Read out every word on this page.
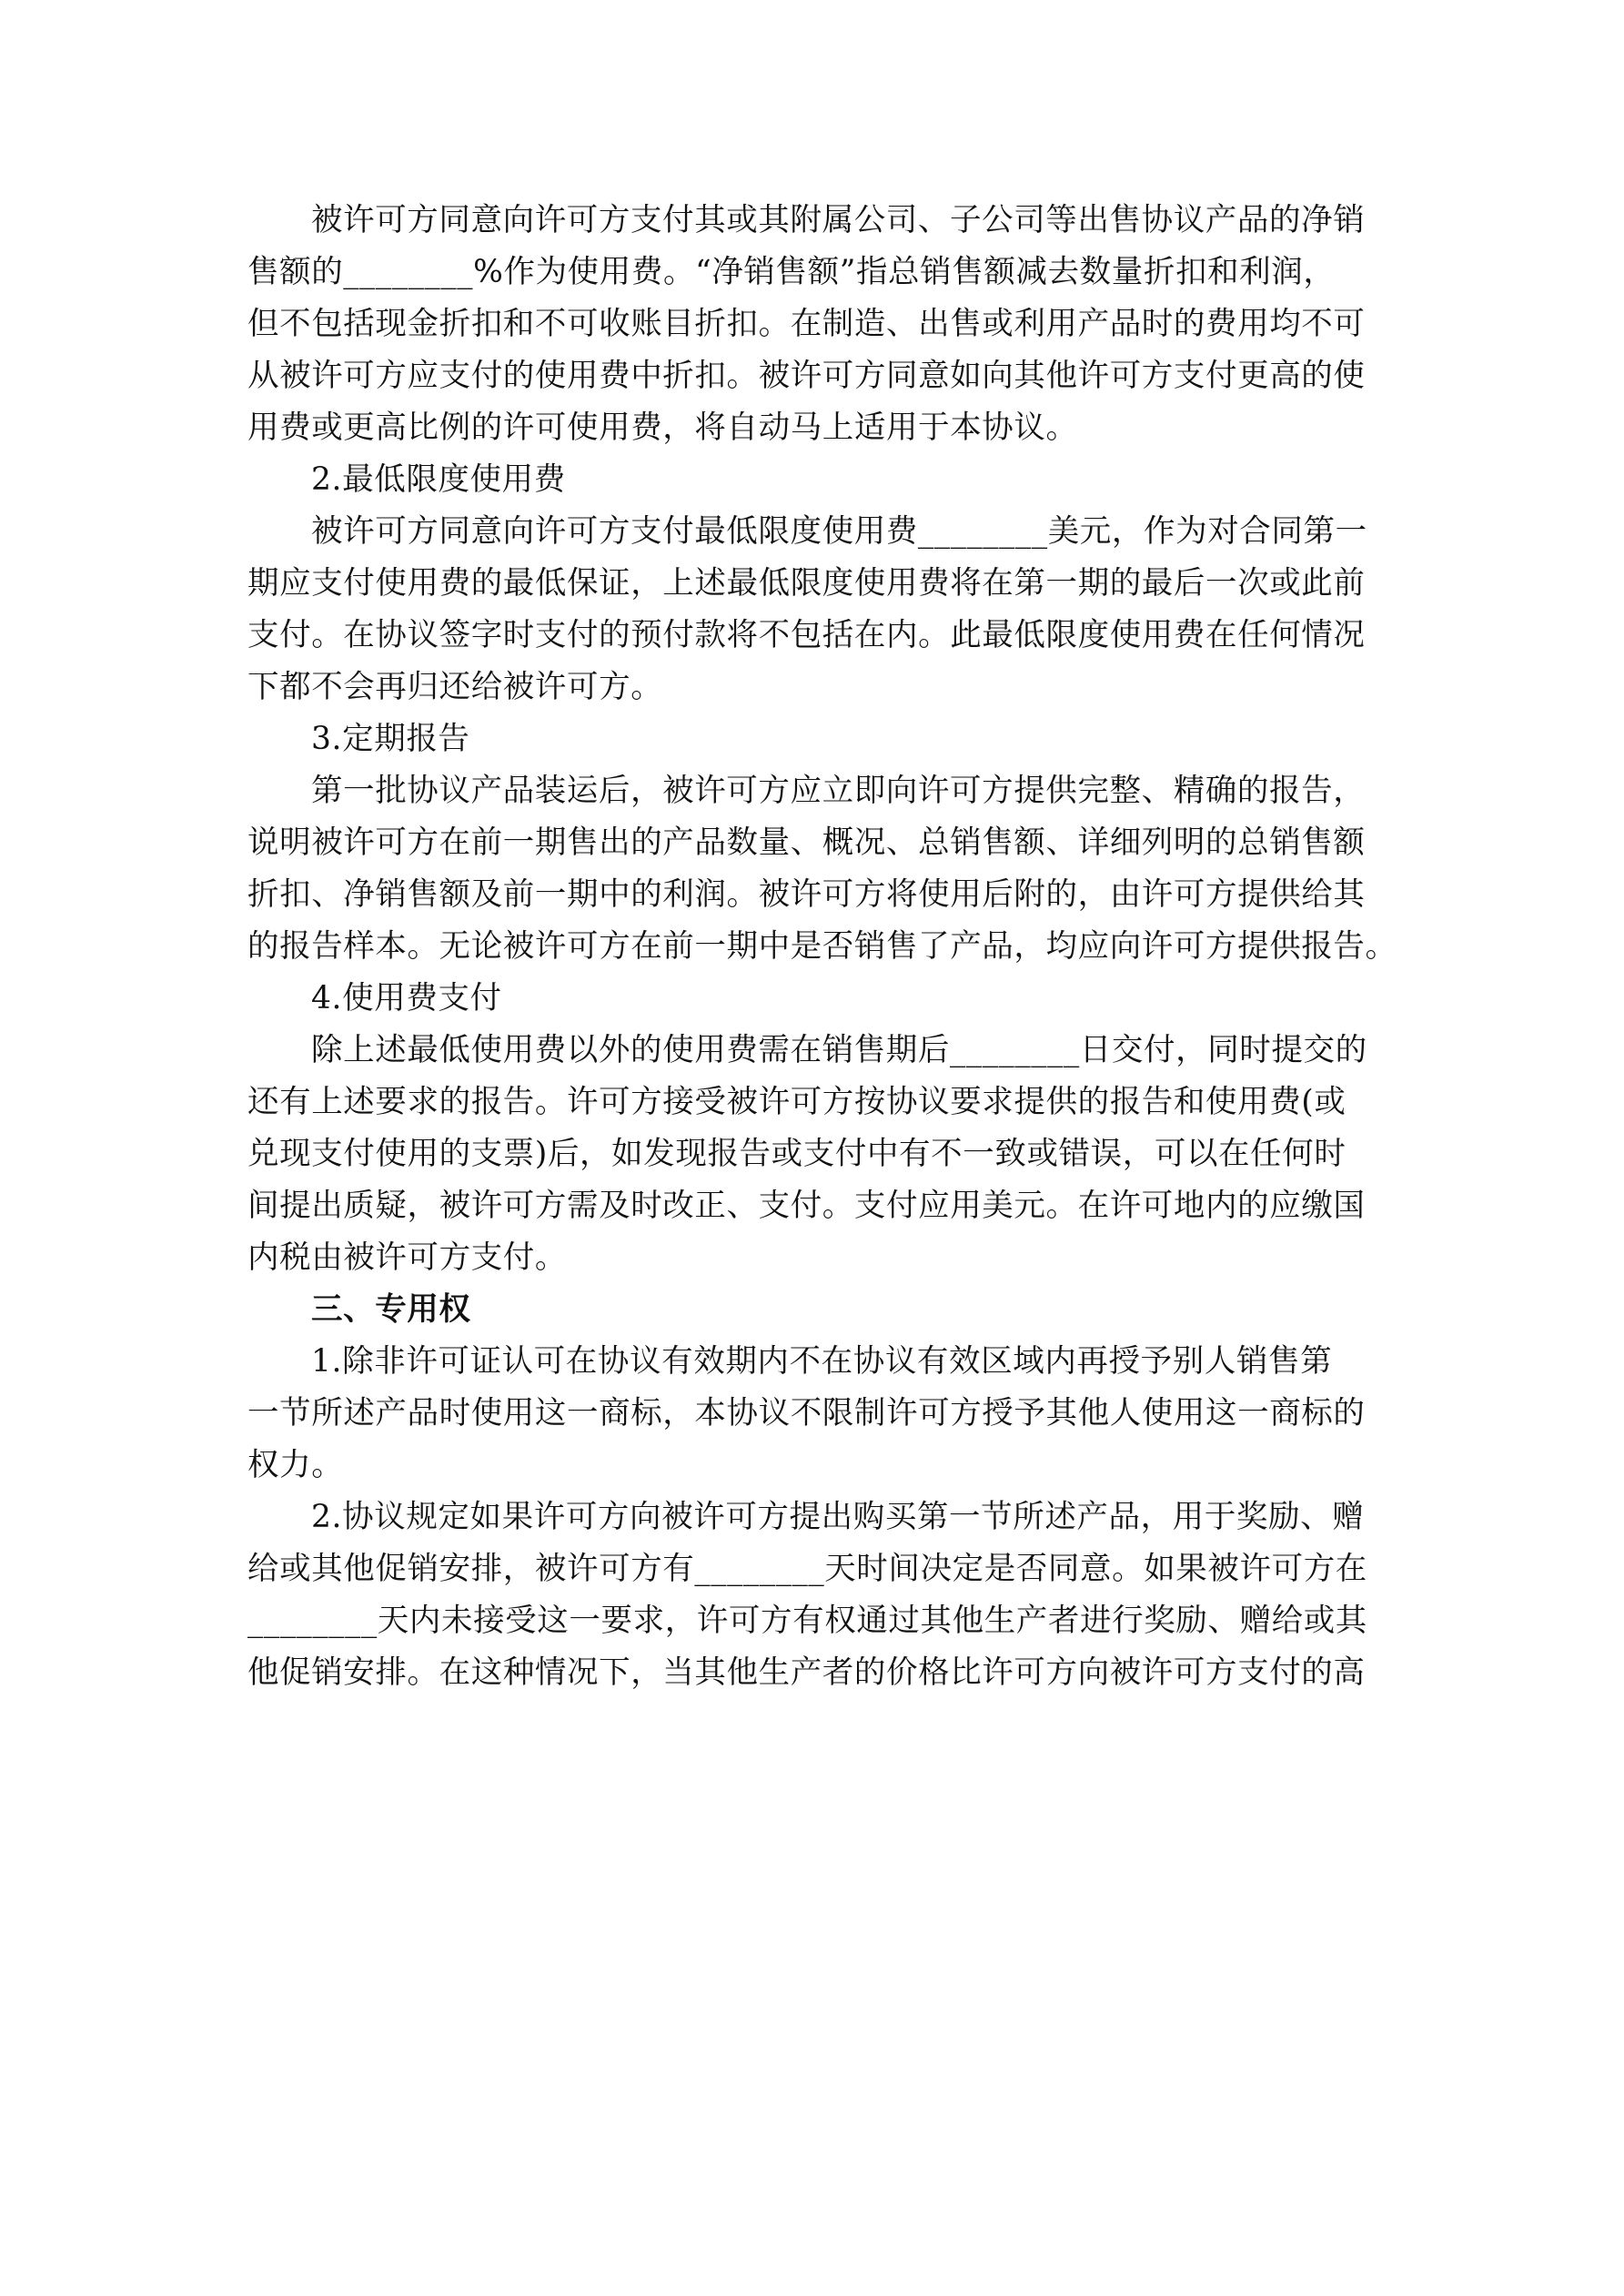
被许可方同意向许可方支付其或其附属公司、子公司等出售协议产品的净销
售额的________%作为使用费。“净销售额”指总销售额减去数量折扣和利润，
但不包括现金折扣和不可收账目折扣。在制造、出售或利用产品时的费用均不可
从被许可方应支付的使用费中折扣。被许可方同意如向其他许可方支付更高的使
用费或更高比例的许可使用费，将自动马上适用于本协议。
2.最低限度使用费
被许可方同意向许可方支付最低限度使用费________美元，作为对合同第一
期应支付使用费的最低保证，上述最低限度使用费将在第一期的最后一次或此前
支付。在协议签字时支付的预付款将不包括在内。此最低限度使用费在任何情况
下都不会再归还给被许可方。
3.定期报告
第一批协议产品装运后，被许可方应立即向许可方提供完整、精确的报告，
说明被许可方在前一期售出的产品数量、概况、总销售额、详细列明的总销售额
折扣、净销售额及前一期中的利润。被许可方将使用后附的，由许可方提供给其
的报告样本。无论被许可方在前一期中是否销售了产品，均应向许可方提供报告。
4.使用费支付
除上述最低使用费以外的使用费需在销售期后________日交付，同时提交的
还有上述要求的报告。许可方接受被许可方按协议要求提供的报告和使用费(或
兑现支付使用的支票)后，如发现报告或支付中有不一致或错误，可以在任何时
间提出质疑，被许可方需及时改正、支付。支付应用美元。在许可地内的应缴国
内税由被许可方支付。
三、专用权
1.除非许可证认可在协议有效期内不在协议有效区域内再授予别人销售第
一节所述产品时使用这一商标，本协议不限制许可方授予其他人使用这一商标的
权力。
2.协议规定如果许可方向被许可方提出购买第一节所述产品，用于奖励、赠
给或其他促销安排，被许可方有________天时间决定是否同意。如果被许可方在
________天内未接受这一要求，许可方有权通过其他生产者进行奖励、赠给或其
他促销安排。在这种情况下，当其他生产者的价格比许可方向被许可方支付的高
